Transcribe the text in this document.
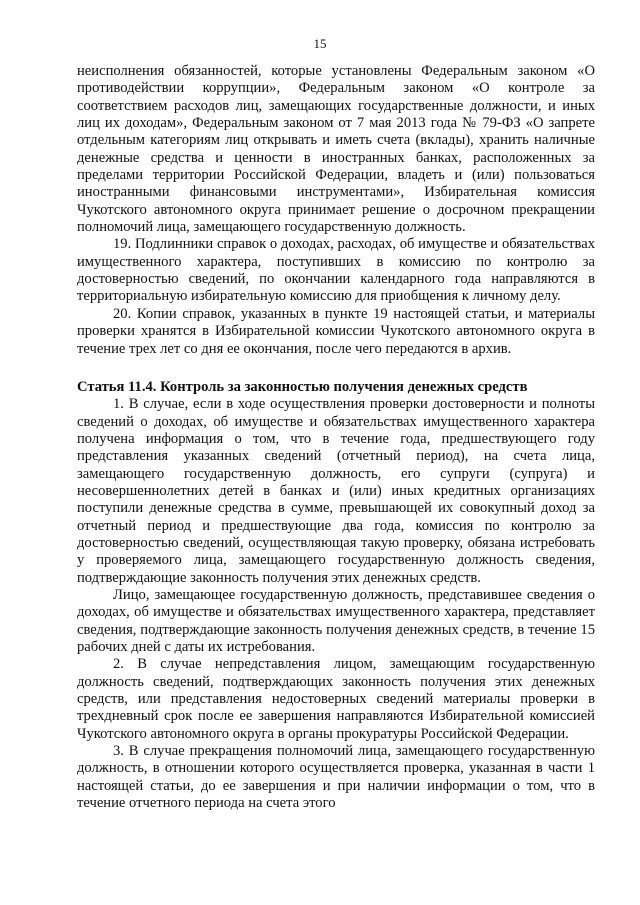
15

неисполнения обязанностей, которые установлены Федеральным законом «О противодействии коррупции», Федеральным законом «О контроле за соответствием расходов лиц, замещающих государственные должности, и иных лиц их доходам», Федеральным законом от 7 мая 2013 года № 79-ФЗ «О запрете отдельным категориям лиц открывать и иметь счета (вклады), хранить наличные денежные средства и ценности в иностранных банках, расположенных за пределами территории Российской Федерации, владеть и (или) пользоваться иностранными финансовыми инструментами», Избирательная комиссия Чукотского автономного округа принимает решение о досрочном прекращении полномочий лица, замещающего государственную должность.

19. Подлинники справок о доходах, расходах, об имуществе и обязательствах имущественного характера, поступивших в комиссию по контролю за достоверностью сведений, по окончании календарного года направляются в территориальную избирательную комиссию для приобщения к личному делу.

20. Копии справок, указанных в пункте 19 настоящей статьи, и материалы проверки хранятся в Избирательной комиссии Чукотского автономного округа в течение трех лет со дня ее окончания, после чего передаются в архив.

Статья 11.4. Контроль за законностью получения денежных средств

1. В случае, если в ходе осуществления проверки достоверности и полноты сведений о доходах, об имуществе и обязательствах имущественного характера получена информация о том, что в течение года, предшествующего году представления указанных сведений (отчетный период), на счета лица, замещающего государственную должность, его супруги (супруга) и несовершеннолетних детей в банках и (или) иных кредитных организациях поступили денежные средства в сумме, превышающей их совокупный доход за отчетный период и предшествующие два года, комиссия по контролю за достоверностью сведений, осуществляющая такую проверку, обязана истребовать у проверяемого лица, замещающего государственную должность сведения, подтверждающие законность получения этих денежных средств.

Лицо, замещающее государственную должность, представившее сведения о доходах, об имуществе и обязательствах имущественного характера, представляет сведения, подтверждающие законность получения денежных средств, в течение 15 рабочих дней с даты их истребования.

2. В случае непредставления лицом, замещающим государственную должность сведений, подтверждающих законность получения этих денежных средств, или представления недостоверных сведений материалы проверки в трехдневный срок после ее завершения направляются Избирательной комиссией Чукотского автономного округа в органы прокуратуры Российской Федерации.

3. В случае прекращения полномочий лица, замещающего государственную должность, в отношении которого осуществляется проверка, указанная в части 1 настоящей статьи, до ее завершения и при наличии информации о том, что в течение отчетного периода на счета этого
